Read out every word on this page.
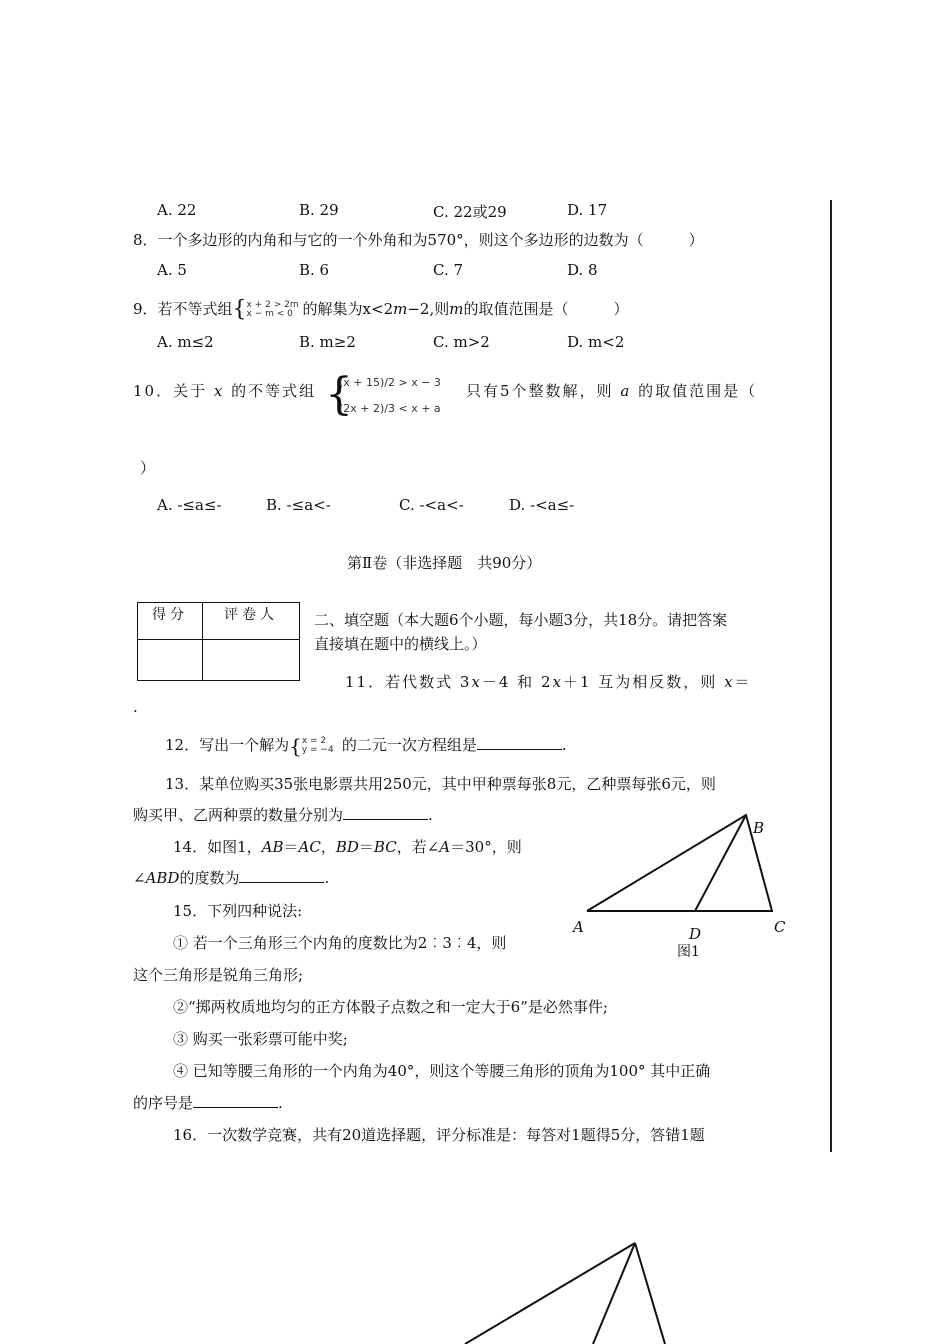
A. 22	B. 29	C. 22或29	D. 17
8．一个多边形的内角和与它的一个外角和为570°，则这个多边形的边数为（　　　）
A. 5	B. 6	C. 7	D. 8
9．若不等式组{ x + 2 > 2m
x − m < 0 的解集为x<2m−2,则m的取值范围是（　　　）
A. m≤2	B. m≥2	C. m>2	D. m<2
10．关于 x 的不等式组 {
(x + 15)/2 > x − 3
(2x + 2)/3 < x + a
只有5个整数解，则 a 的取值范围是（
）
A. -≤a≤-	B. -≤a<-	C. -<a<-	D. -<a≤-
第Ⅱ卷（非选择题　共90分）
得分	评卷人
	二、填空题（本大题6个小题，每小题3分，共18分。请把答案
直接填在题中的横线上。）
11．若代数式 3x－4 和 2x＋1 互为相反数，则 x＝
.
12．写出一个解为{ x = 2
y = −4 的二元一次方程组是	.
13．某单位购买35张电影票共用250元，其中甲种票每张8元，乙种票每张6元，则
购买甲、乙两种票的数量分别为	.
14．如图1，AB＝AC，BD＝BC，若∠A＝30°，则
∠ABD的度数为	.
B
A	D	C
图1
15．下列四种说法:
① 若一个三角形三个内角的度数比为2︰3︰4，则
这个三角形是锐角三角形;
②“掷两枚质地均匀的正方体骰子点数之和一定大于6”是必然事件;
③ 购买一张彩票可能中奖;
④ 已知等腰三角形的一个内角为40°，则这个等腰三角形的顶角为100° 其中正确
的序号是	.
16．一次数学竞赛，共有20道选择题，评分标准是：每答对1题得5分，答错1题
